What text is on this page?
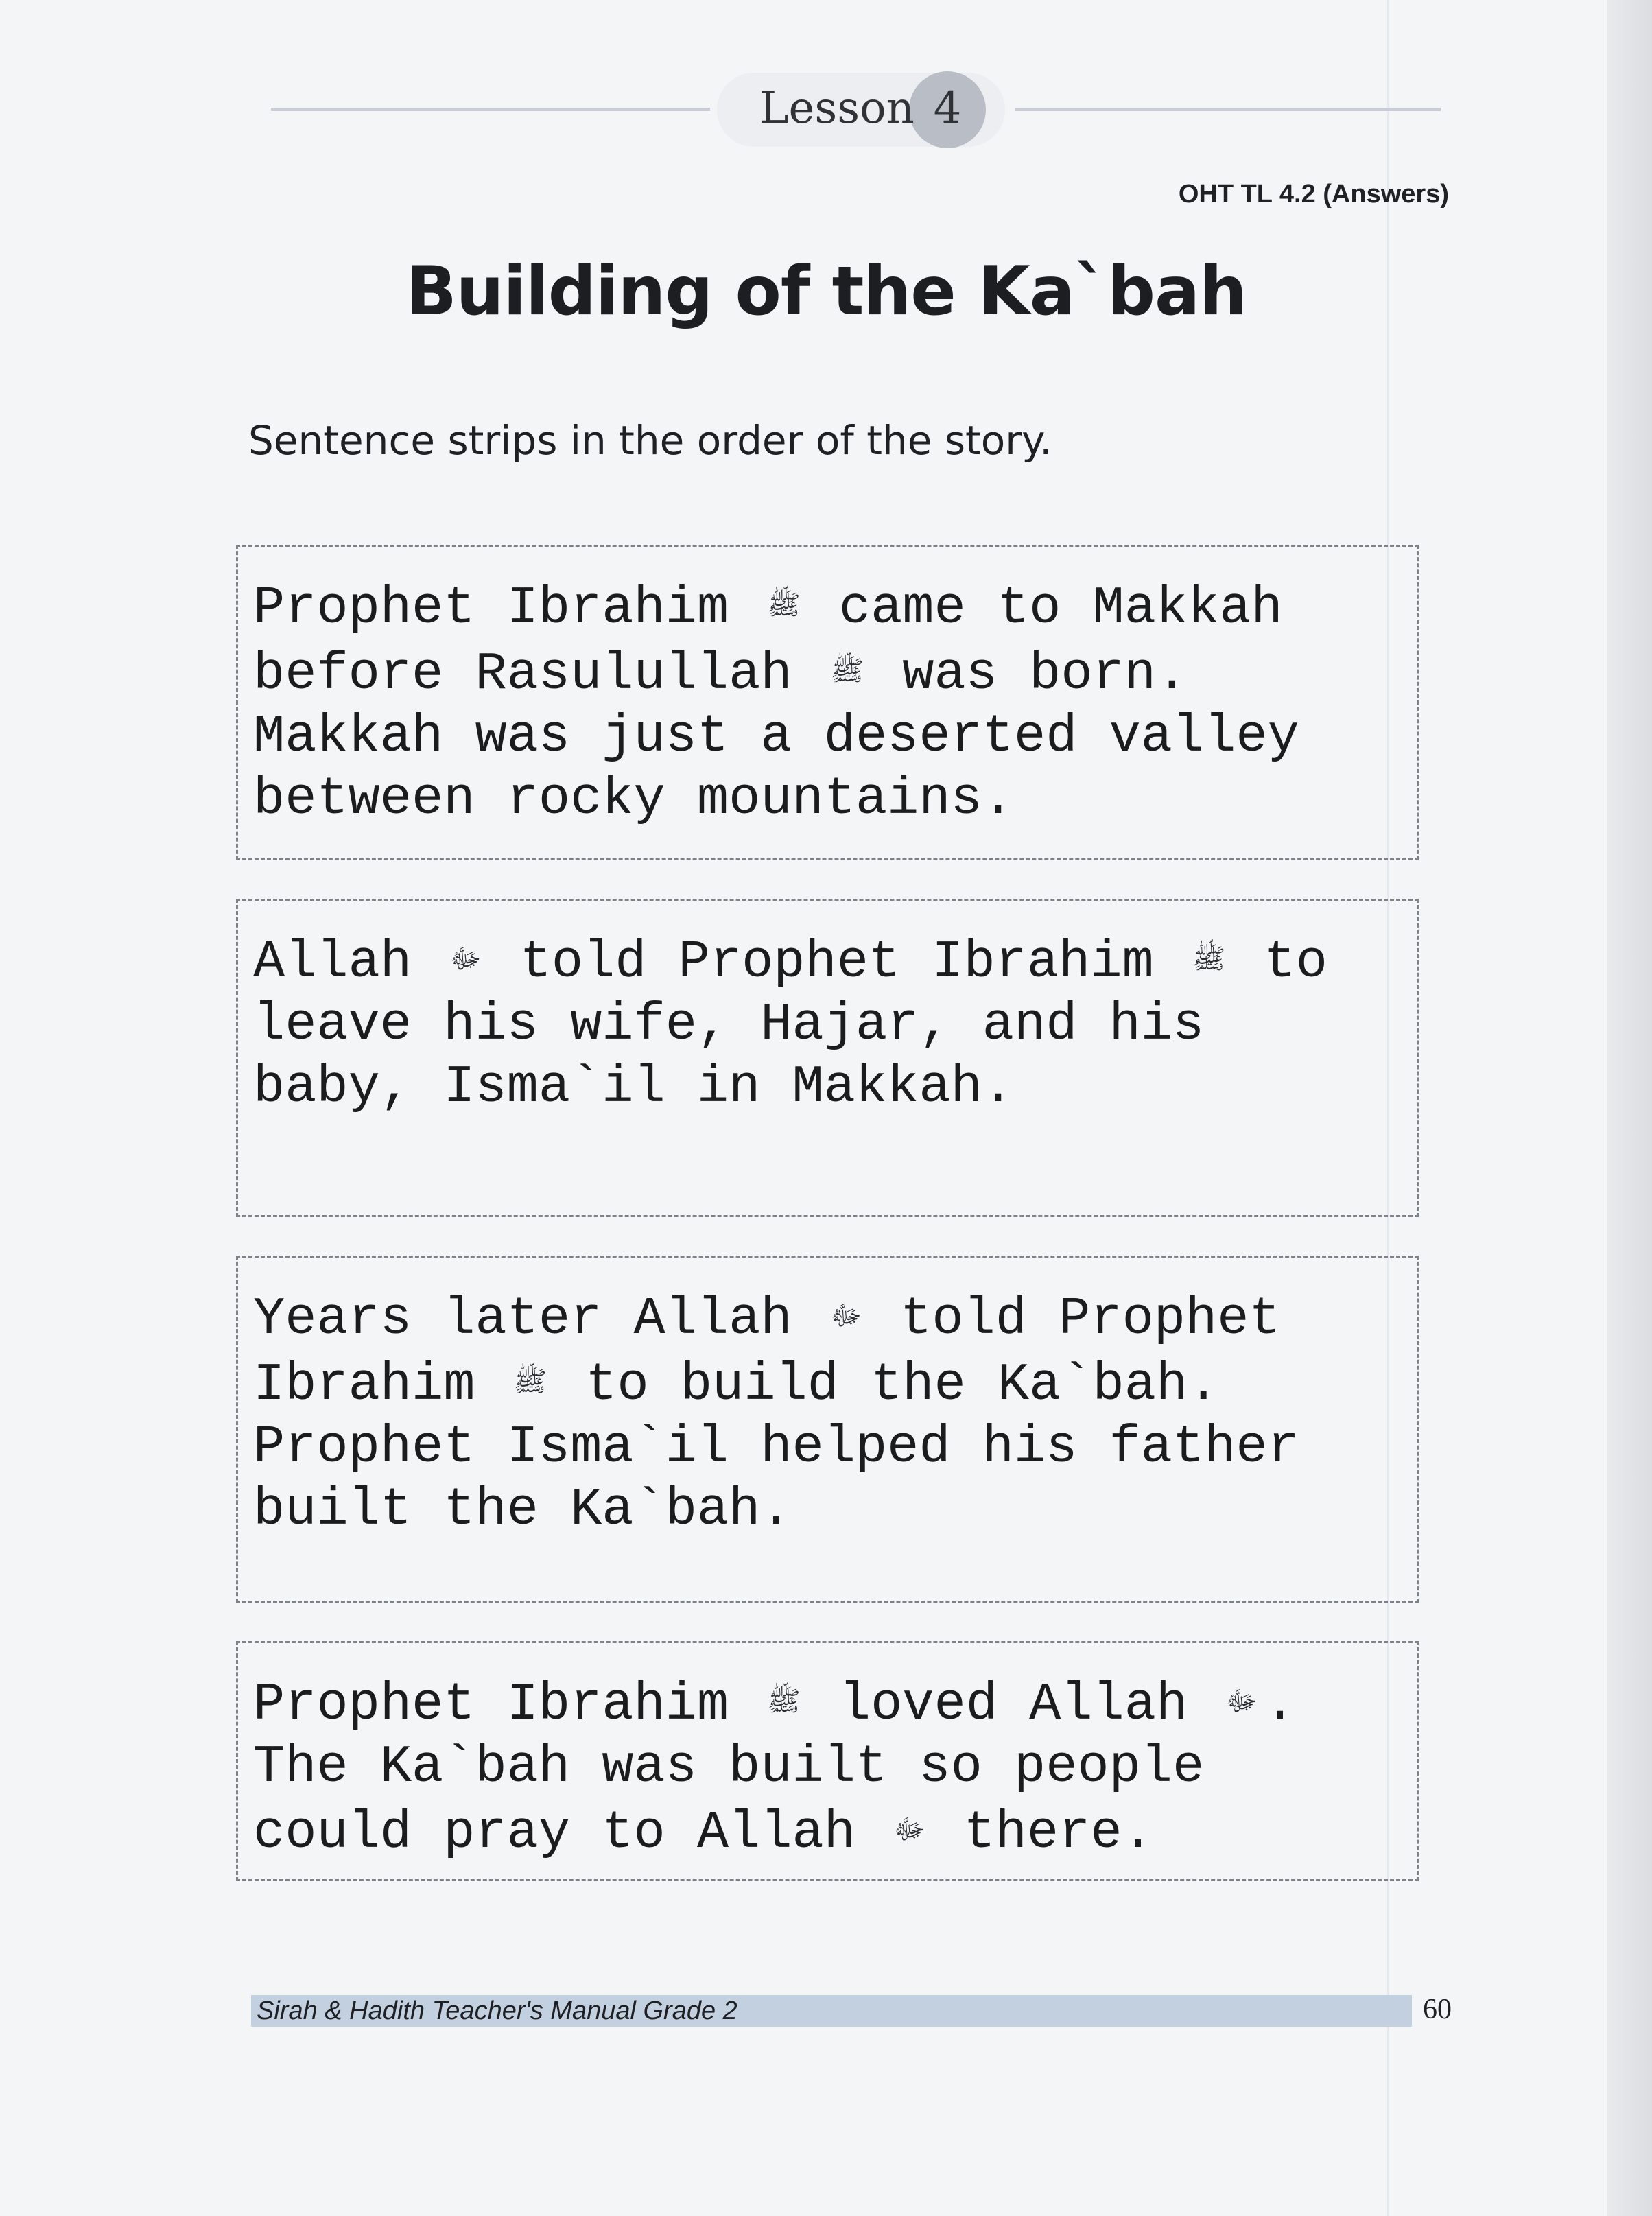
Lesson 4
OHT TL 4.2 (Answers)
Building of the Ka`bah
Sentence strips in the order of the story.

Prophet Ibrahim ﷺ came to Makkah
before Rasulullah ﷺ was born.
Makkah was just a deserted valley
between rocky mountains.

Allah ﷻ told Prophet Ibrahim ﷺ to
leave his wife, Hajar, and his
baby, Isma`il in Makkah.

Years later Allah ﷻ told Prophet
Ibrahim ﷺ to build the Ka`bah.
Prophet Isma`il helped his father
built the Ka`bah.

Prophet Ibrahim ﷺ loved Allah ﷻ .
The Ka`bah was built so people
could pray to Allah ﷻ there.

Sirah & Hadith Teacher's Manual Grade 2	60
